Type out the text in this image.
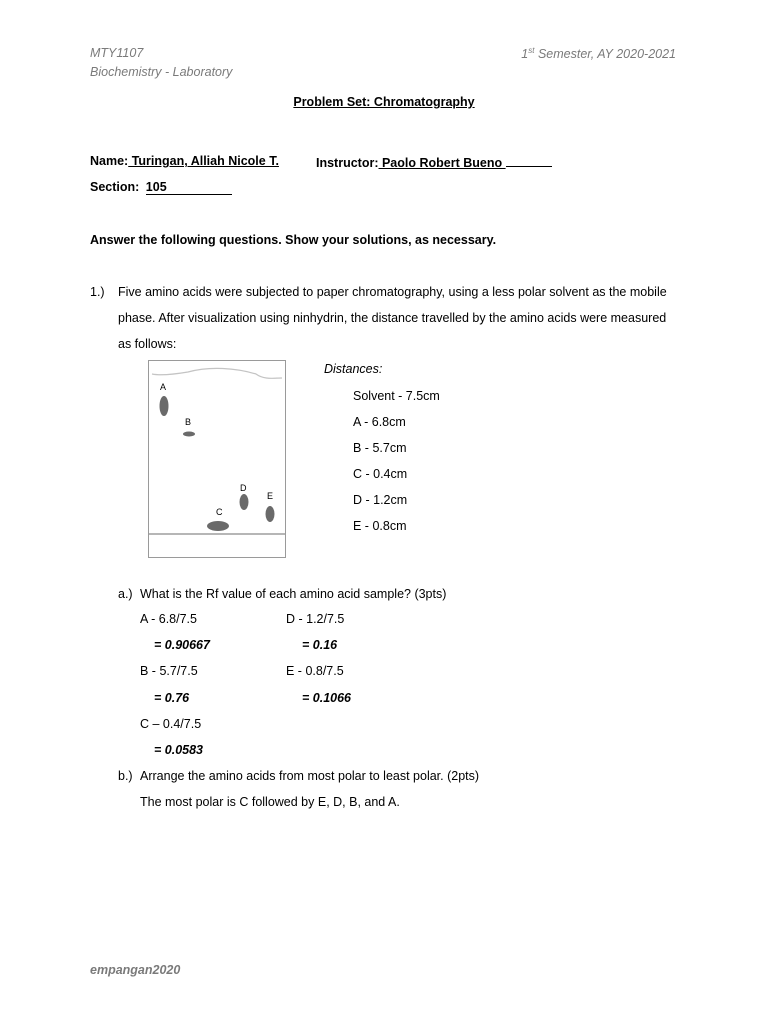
MTY1107
Biochemistry - Laboratory
1st Semester, AY 2020-2021
Problem Set: Chromatography
Name: Turingan, Alliah Nicole T.	Instructor: Paolo Robert Bueno
Section: 105
Answer the following questions. Show your solutions, as necessary.
1.) Five amino acids were subjected to paper chromatography, using a less polar solvent as the mobile
phase. After visualization using ninhydrin, the distance travelled by the amino acids were measured
as follows:
A
B
C
D
E
Distances:
Solvent - 7.5cm
A - 6.8cm
B - 5.7cm
C - 0.4cm
D - 1.2cm
E - 0.8cm
a.) What is the Rf value of each amino acid sample? (3pts)
A - 6.8/7.5
= 0.90667
B - 5.7/7.5
= 0.76
C – 0.4/7.5
= 0.0583
D - 1.2/7.5
= 0.16
E - 0.8/7.5
= 0.1066
b.) Arrange the amino acids from most polar to least polar. (2pts)
The most polar is C followed by E, D, B, and A.
empangan2020
